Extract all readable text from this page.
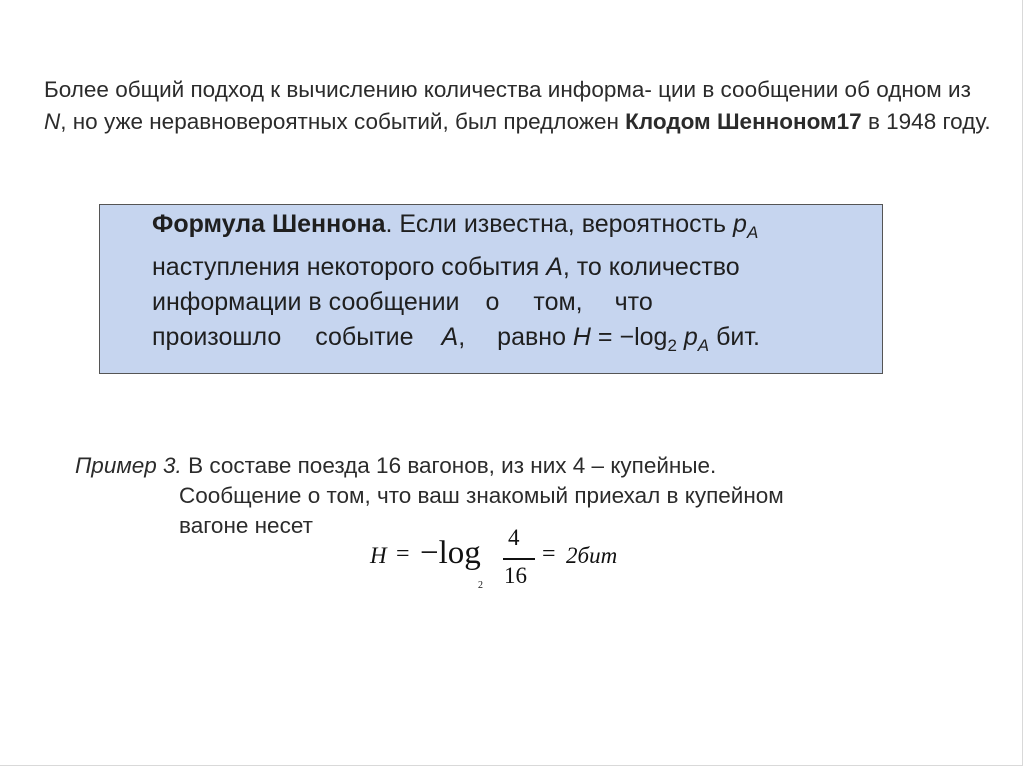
Более общий подход к вычислению количества информа- ции в сообщении об одном из N, но уже неравновероятных событий, был предложен Клодом Шенноном17 в 1948 году.
Формула Шеннона. Если известна, вероятность $p_A$
наступления некоторого события A, то количество
информации в сообщении о том, что
произошло событие A, равно $H = -\log_2$ $p_A$ бит.
Пример 3. В составе поезда 16 вагонов, из них 4 – купейные.
Сообщение о том, что ваш знакомый приехал в купейном
вагоне несет
H = −log
2
4
16
= 2бит
